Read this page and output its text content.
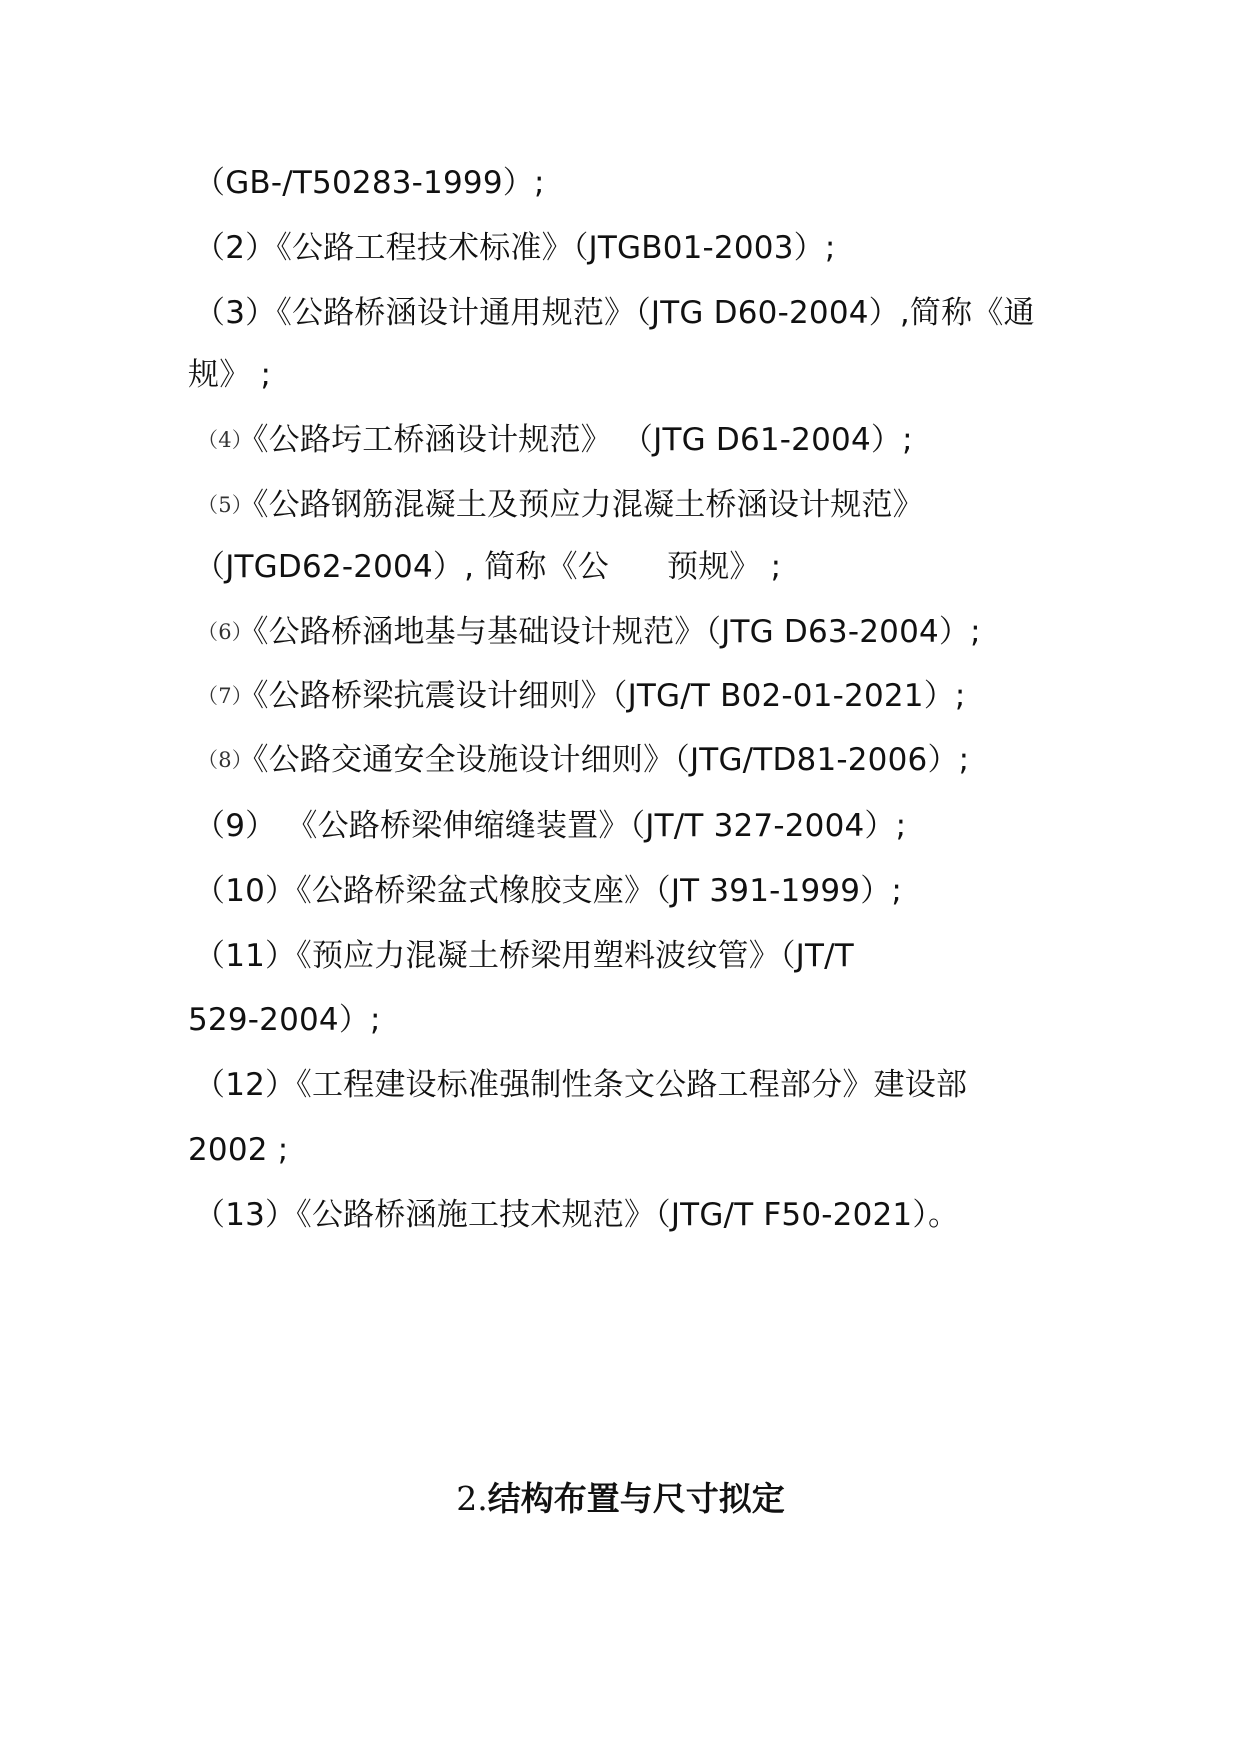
（GB-/T50283-1999）;
（2）《公路工程技术标准》（JTGB01-2003）;
（3）《公路桥涵设计通用规范》（JTG D60-2004）,简称《通
规》 ;
（4）《公路圬工桥涵设计规范》 （JTG D61-2004）;
（5）《公路钢筋混凝土及预应力混凝土桥涵设计规范》
（JTGD62-2004）, 简称《公 预规》 ;
（6）《公路桥涵地基与基础设计规范》（JTG D63-2004）;
（7）《公路桥梁抗震设计细则》（JTG/T B02-01-2021）;
（8）《公路交通安全设施设计细则》（JTG/TD81-2006）;
（9） 《公路桥梁伸缩缝装置》（JT/T 327-2004）;
（10）《公路桥梁盆式橡胶支座》（JT 391-1999）;
（11）《预应力混凝土桥梁用塑料波纹管》（JT/T
529-2004）;
（12）《工程建设标准强制性条文公路工程部分》建设部
2002 ;
（13）《公路桥涵施工技术规范》（JTG/T F50-2021）。
2.结构布置与尺寸拟定
